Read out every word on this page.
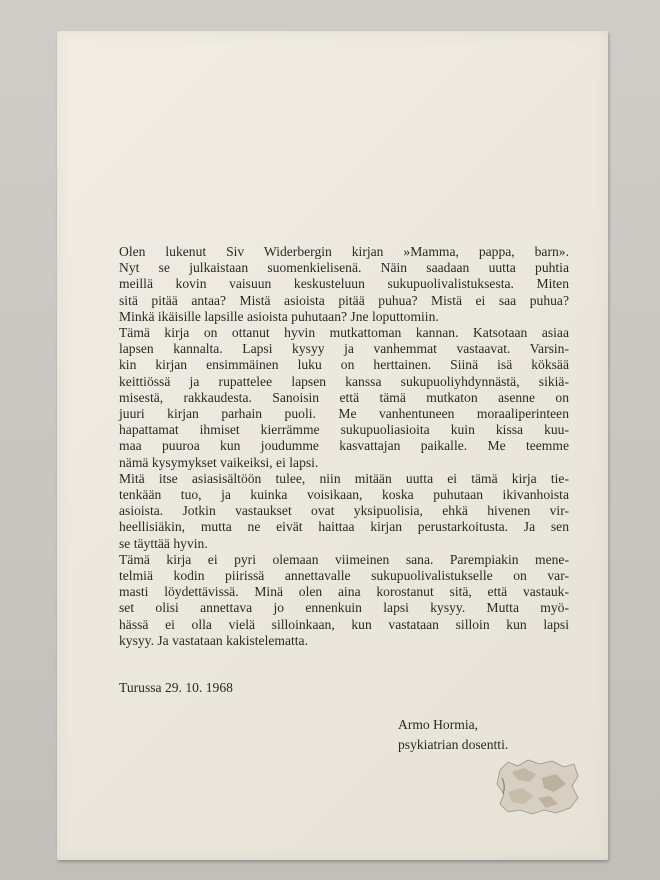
Olen lukenut Siv Widerbergin kirjan »Mamma, pappa, barn».
Nyt se julkaistaan suomenkielisenä. Näin saadaan uutta puhtia
meillä kovin vaisuun keskusteluun sukupuolivalistuksesta. Miten
sitä pitää antaa? Mistä asioista pitää puhua? Mistä ei saa puhua?
Minkä ikäisille lapsille asioista puhutaan? Jne loputtomiin.

Tämä kirja on ottanut hyvin mutkattoman kannan. Katsotaan asiaa
lapsen kannalta. Lapsi kysyy ja vanhemmat vastaavat. Varsin-
kin kirjan ensimmäinen luku on herttainen. Siinä isä köksää
keittiössä ja rupattelee lapsen kanssa sukupuoliyhdynnästä, sikiä-
misestä, rakkaudesta. Sanoisin että tämä mutkaton asenne on
juuri kirjan parhain puoli. Me vanhentuneen moraaliperinteen
hapattamat ihmiset kierrämme sukupuoliasioita kuin kissa kuu-
maa puuroa kun joudumme kasvattajan paikalle. Me teemme
nämä kysymykset vaikeiksi, ei lapsi.

Mitä itse asiasisältöön tulee, niin mitään uutta ei tämä kirja tie-
tenkään tuo, ja kuinka voisikaan, koska puhutaan ikivanhoista
asioista. Jotkin vastaukset ovat yksipuolisia, ehkä hivenen vir-
heellisiäkin, mutta ne eivät haittaa kirjan perustarkoitusta. Ja sen
se täyttää hyvin.

Tämä kirja ei pyri olemaan viimeinen sana. Parempiakin mene-
telmiä kodin piirissä annettavalle sukupuolivalistukselle on var-
masti löydettävissä. Minä olen aina korostanut sitä, että vastauk-
set olisi annettava jo ennenkuin lapsi kysyy. Mutta myö-
hässä ei olla vielä silloinkaan, kun vastataan silloin kun lapsi
kysyy. Ja vastataan kakistelematta.

Turussa 29. 10. 1968
Armo Hormia,
psykiatrian dosentti.
